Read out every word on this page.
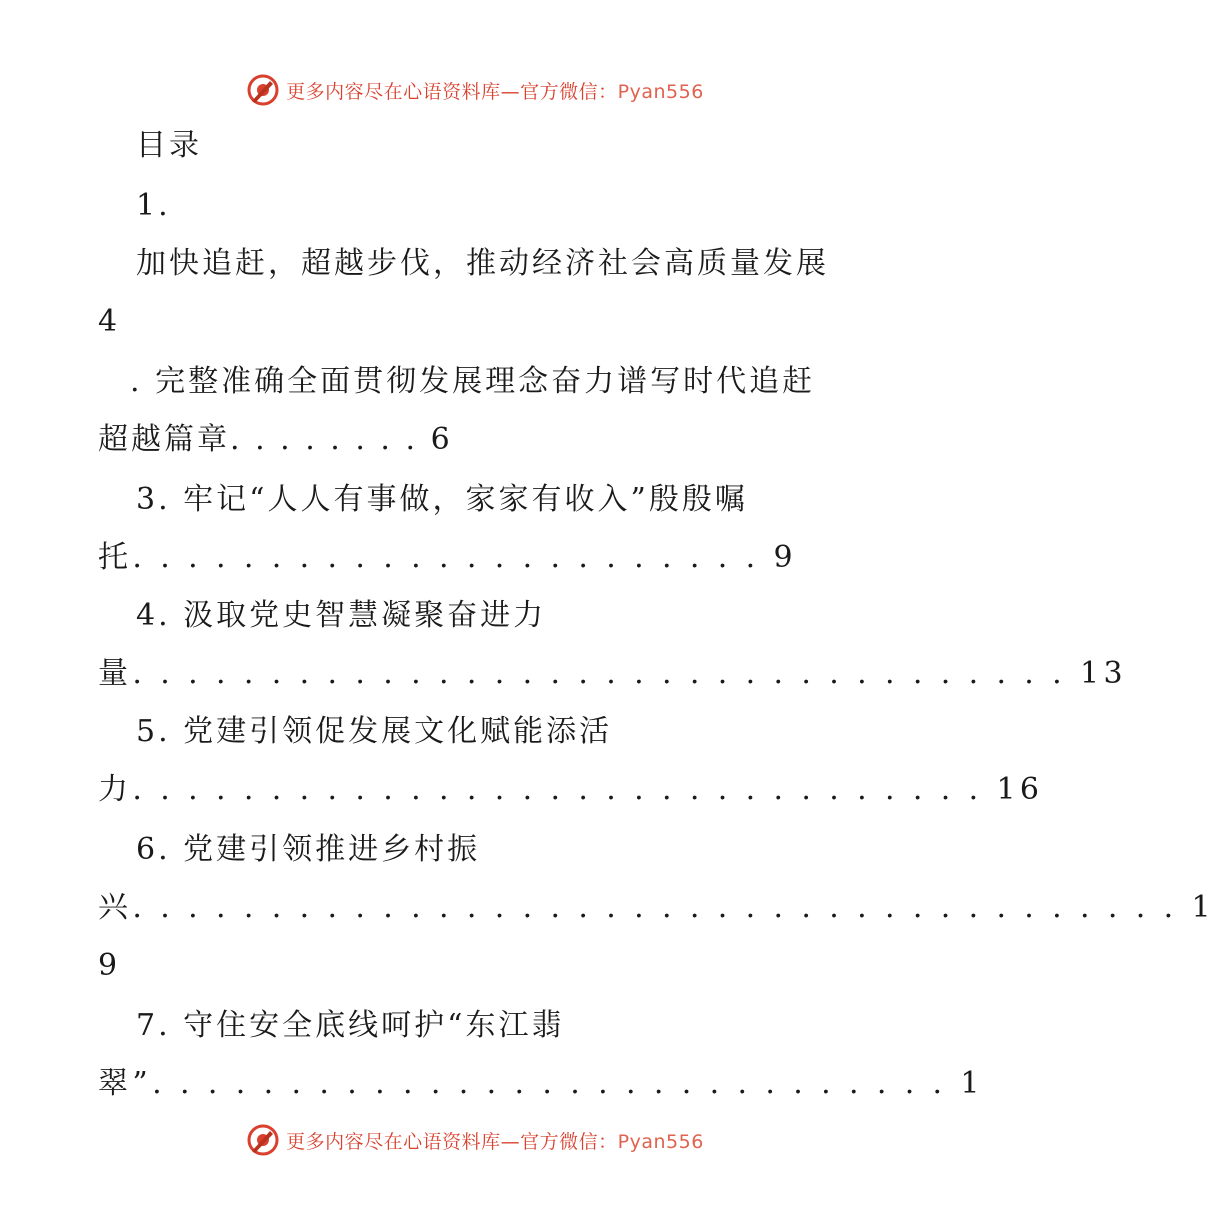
更多内容尽在心语资料库—官方微信：Pyan556
目录
1.
加快追赶，超越步伐，推动经济社会高质量发展
4
. 完整准确全面贯彻发展理念奋力谱写时代追赶
超越篇章. . . . . . . . 6
3. 牢记“人人有事做，家家有收入”殷殷嘱
托. . . . . . . . . . . . . . . . . . . . . . . 9
4. 汲取党史智慧凝聚奋进力
量. . . . . . . . . . . . . . . . . . . . . . . . . . . . . . . . . . 13
5. 党建引领促发展文化赋能添活
力. . . . . . . . . . . . . . . . . . . . . . . . . . . . . . . 16
6. 党建引领推进乡村振
兴. . . . . . . . . . . . . . . . . . . . . . . . . . . . . . . . . . . . . . 1
9
7. 守住安全底线呵护“东江翡
翠”. . . . . . . . . . . . . . . . . . . . . . . . . . . . . 1
更多内容尽在心语资料库—官方微信：Pyan556
